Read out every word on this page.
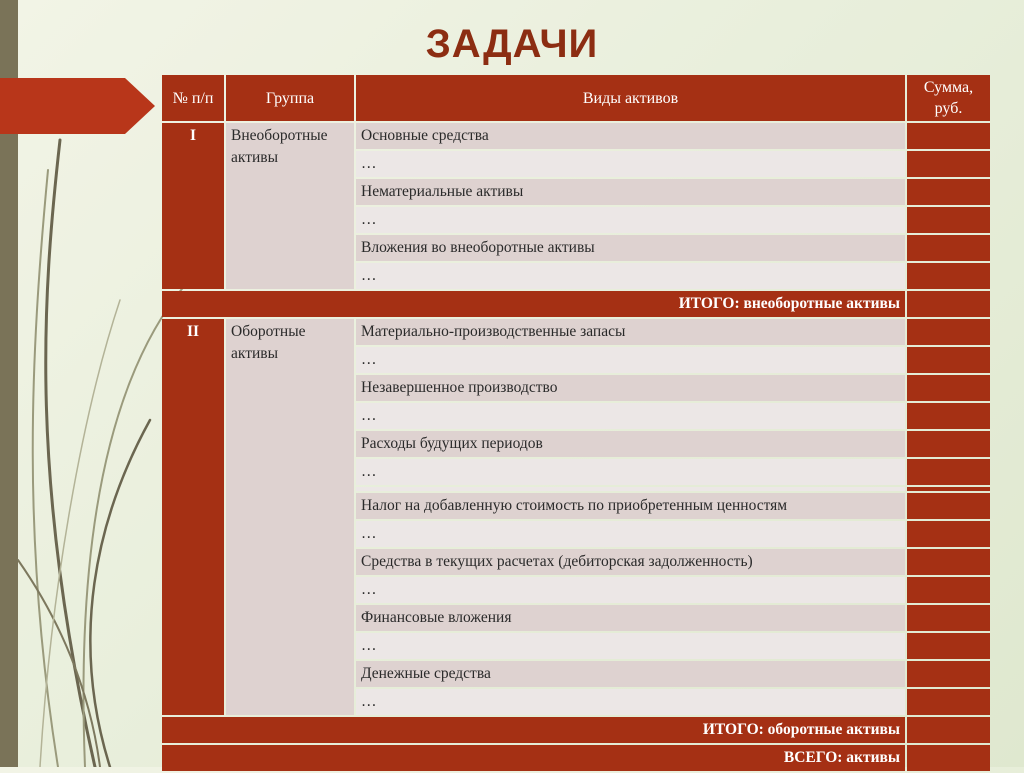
ЗАДАЧИ
№ п/п	Группа	Виды активов	Сумма, руб.
I	Внеоборотные активы	Основные средства	
		…	
		Нематериальные активы	
		…	
		Вложения во внеоборотные активы	
		…	
ИТОГО: внеоборотные активы			
II	Оборотные активы	Материально-производственные запасы	
		…	
		Незавершенное производство	
		…	
		Расходы будущих периодов	
		…	

		Налог на добавленную стоимость по приобретенным ценностям	
		…	
		Средства в текущих расчетах (дебиторская задолженность)	
		…	
		Финансовые вложения	
		…	
		Денежные средства	
		…	
ИТОГО: оборотные активы			
ВСЕГО: активы			
